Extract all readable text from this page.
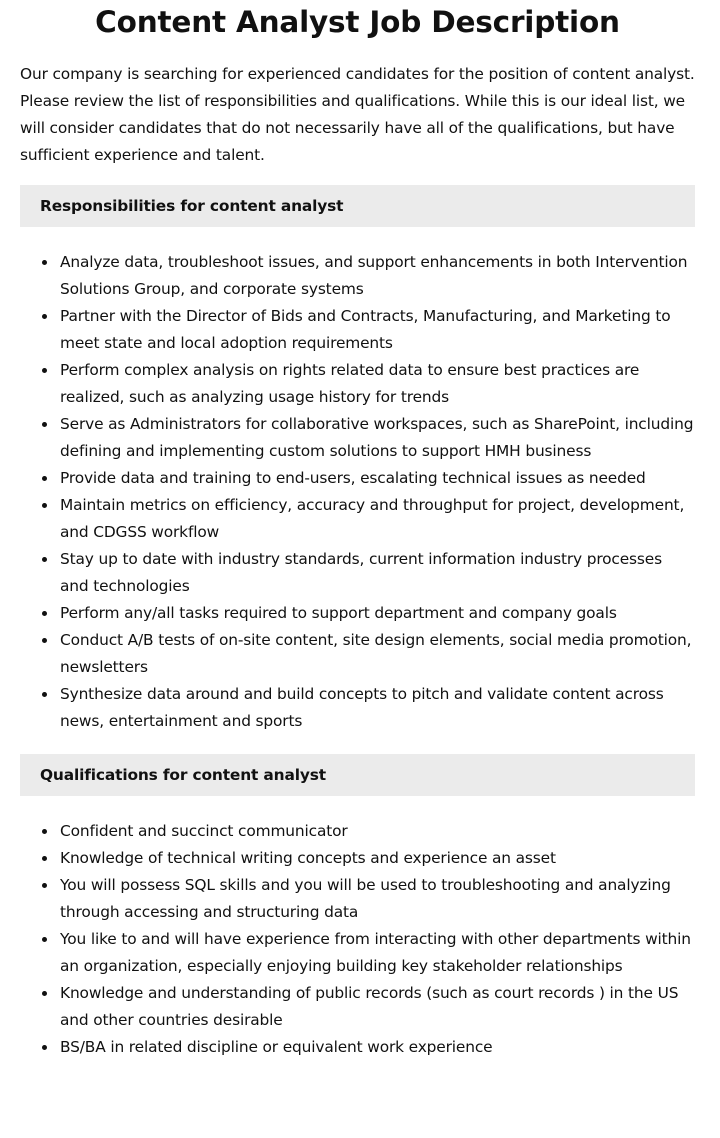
Content Analyst Job Description

Our company is searching for experienced candidates for the position of content analyst. Please review the list of responsibilities and qualifications. While this is our ideal list, we will consider candidates that do not necessarily have all of the qualifications, but have sufficient experience and talent.

Responsibilities for content analyst
Analyze data, troubleshoot issues, and support enhancements in both Intervention Solutions Group, and corporate systems
Partner with the Director of Bids and Contracts, Manufacturing, and Marketing to meet state and local adoption requirements
Perform complex analysis on rights related data to ensure best practices are realized, such as analyzing usage history for trends
Serve as Administrators for collaborative workspaces, such as SharePoint, including defining and implementing custom solutions to support HMH business
Provide data and training to end-users, escalating technical issues as needed
Maintain metrics on efficiency, accuracy and throughput for project, development, and CDGSS workflow
Stay up to date with industry standards, current information industry processes and technologies
Perform any/all tasks required to support department and company goals
Conduct A/B tests of on-site content, site design elements, social media promotion, newsletters
Synthesize data around and build concepts to pitch and validate content across news, entertainment and sports
Qualifications for content analyst
Confident and succinct communicator
Knowledge of technical writing concepts and experience an asset
You will possess SQL skills and you will be used to troubleshooting and analyzing through accessing and structuring data
You like to and will have experience from interacting with other departments within an organization, especially enjoying building key stakeholder relationships
Knowledge and understanding of public records (such as court records ) in the US and other countries desirable
BS/BA in related discipline or equivalent work experience
